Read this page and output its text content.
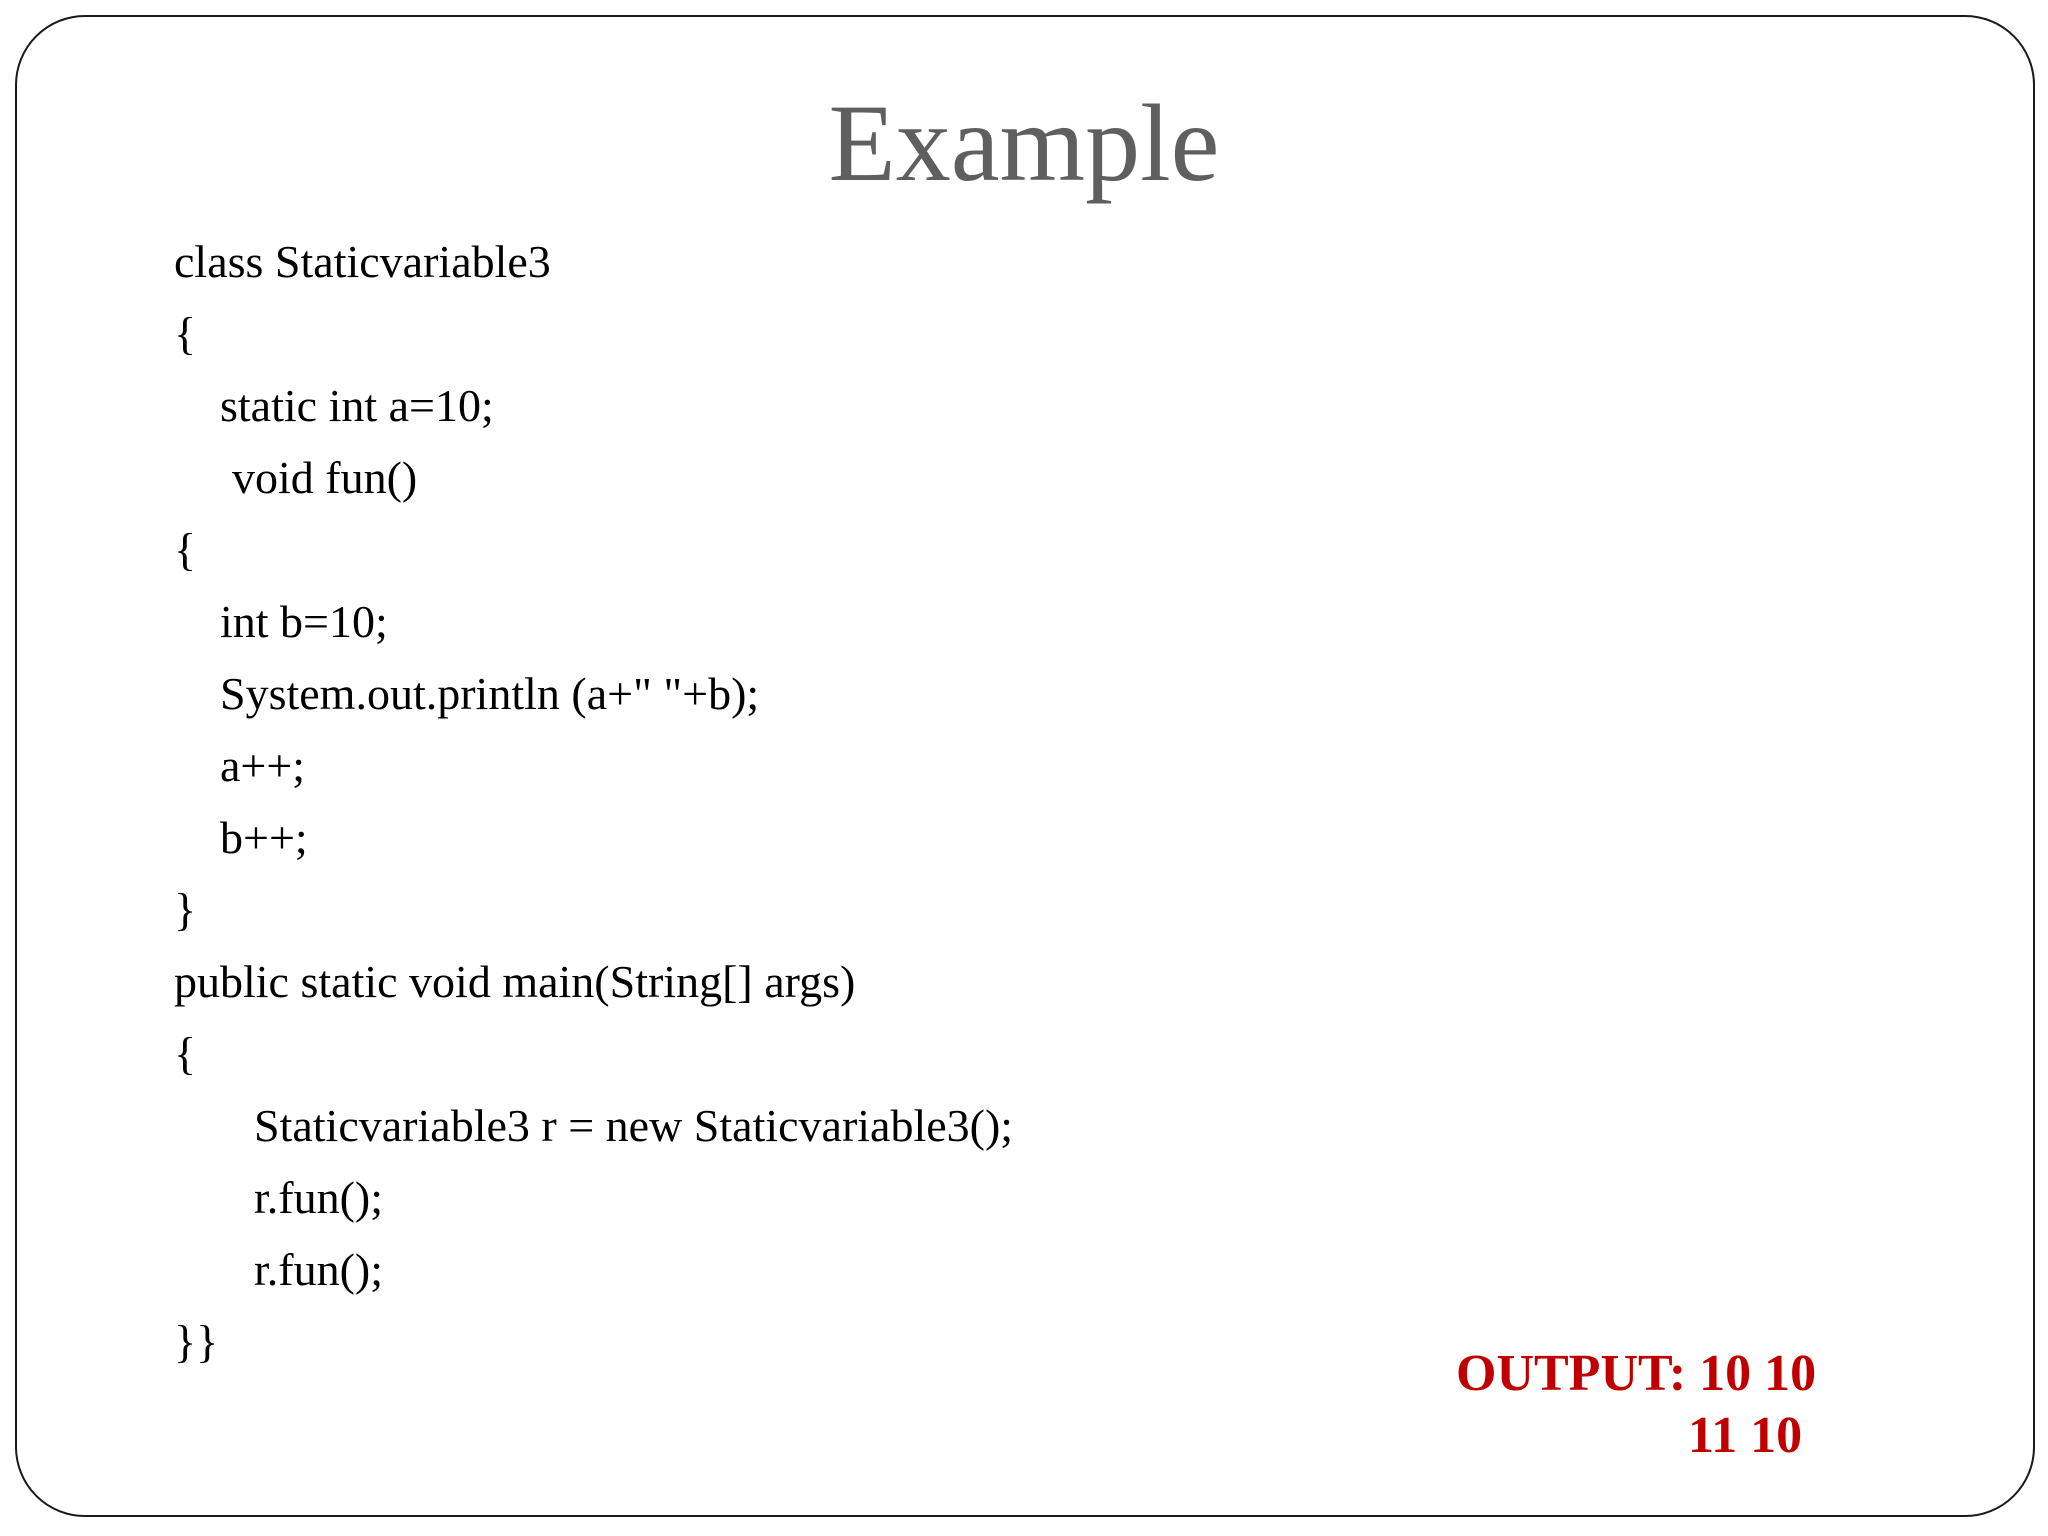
Example
class Staticvariable3
{
static int a=10;
void fun()
{
int b=10;
System.out.println (a+" "+b);
a++;
b++;
}
public static void main(String[] args)
{
Staticvariable3 r = new Staticvariable3();
r.fun();
r.fun();
}}
OUTPUT: 10 10
11 10
